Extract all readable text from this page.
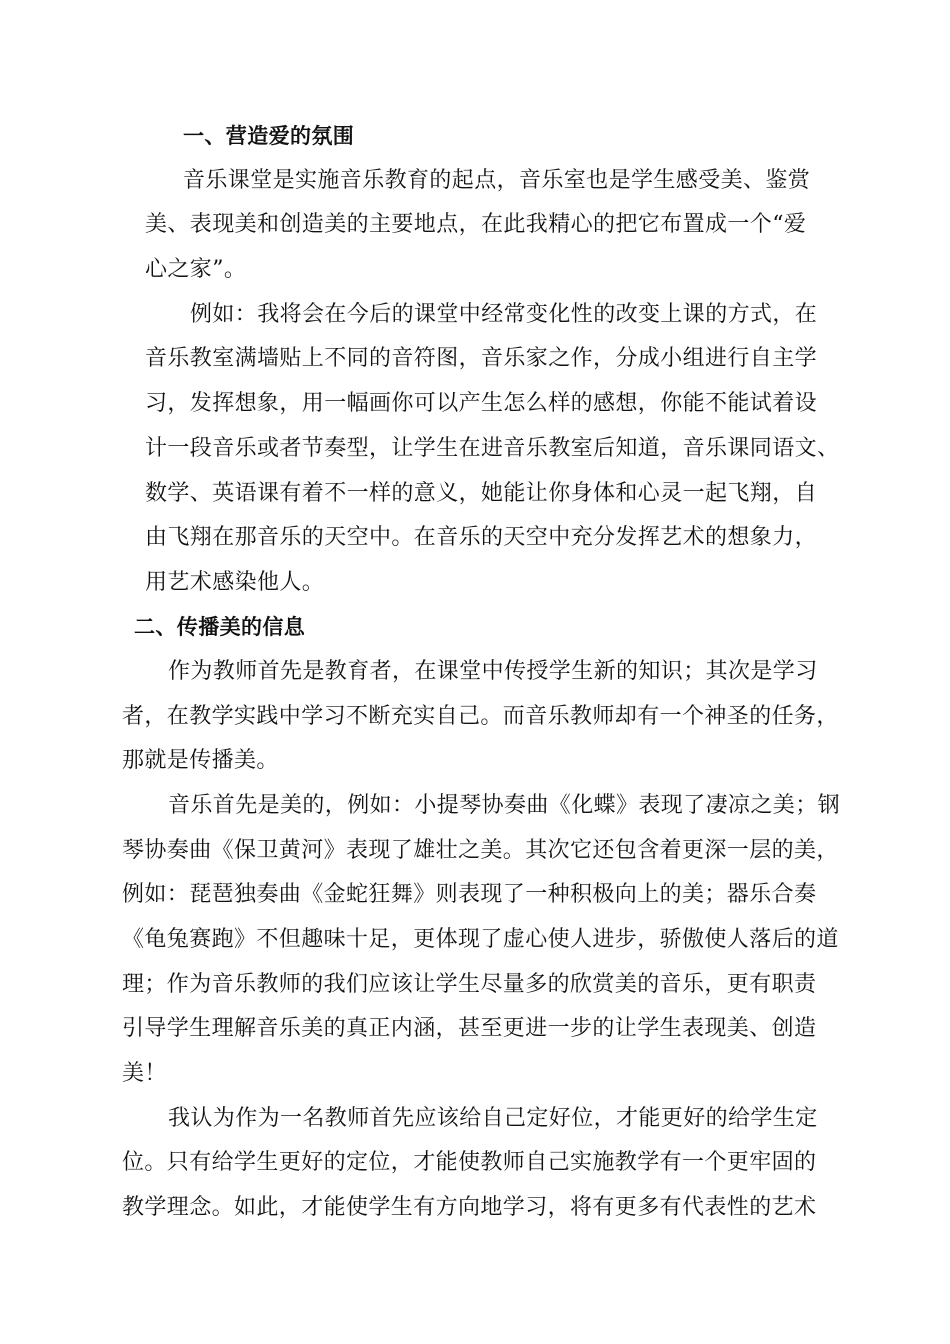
一、营造爱的氛围
音乐课堂是实施音乐教育的起点，音乐室也是学生感受美、鉴赏
美、表现美和创造美的主要地点，在此我精心的把它布置成一个“爱
心之家”。
例如：我将会在今后的课堂中经常变化性的改变上课的方式，在
音乐教室满墙贴上不同的音符图，音乐家之作，分成小组进行自主学
习，发挥想象，用一幅画你可以产生怎么样的感想，你能不能试着设
计一段音乐或者节奏型，让学生在进音乐教室后知道，音乐课同语文、
数学、英语课有着不一样的意义，她能让你身体和心灵一起飞翔，自
由飞翔在那音乐的天空中。在音乐的天空中充分发挥艺术的想象力，
用艺术感染他人。
二、传播美的信息
作为教师首先是教育者，在课堂中传授学生新的知识；其次是学习
者，在教学实践中学习不断充实自己。而音乐教师却有一个神圣的任务，
那就是传播美。
音乐首先是美的，例如：小提琴协奏曲《化蝶》表现了凄凉之美；钢
琴协奏曲《保卫黄河》表现了雄壮之美。其次它还包含着更深一层的美，
例如：琵琶独奏曲《金蛇狂舞》则表现了一种积极向上的美；器乐合奏
《龟兔赛跑》不但趣味十足，更体现了虚心使人进步，骄傲使人落后的道
理；作为音乐教师的我们应该让学生尽量多的欣赏美的音乐，更有职责
引导学生理解音乐美的真正内涵，甚至更进一步的让学生表现美、创造
美！
我认为作为一名教师首先应该给自己定好位，才能更好的给学生定
位。只有给学生更好的定位，才能使教师自己实施教学有一个更牢固的
教学理念。如此，才能使学生有方向地学习，将有更多有代表性的艺术
